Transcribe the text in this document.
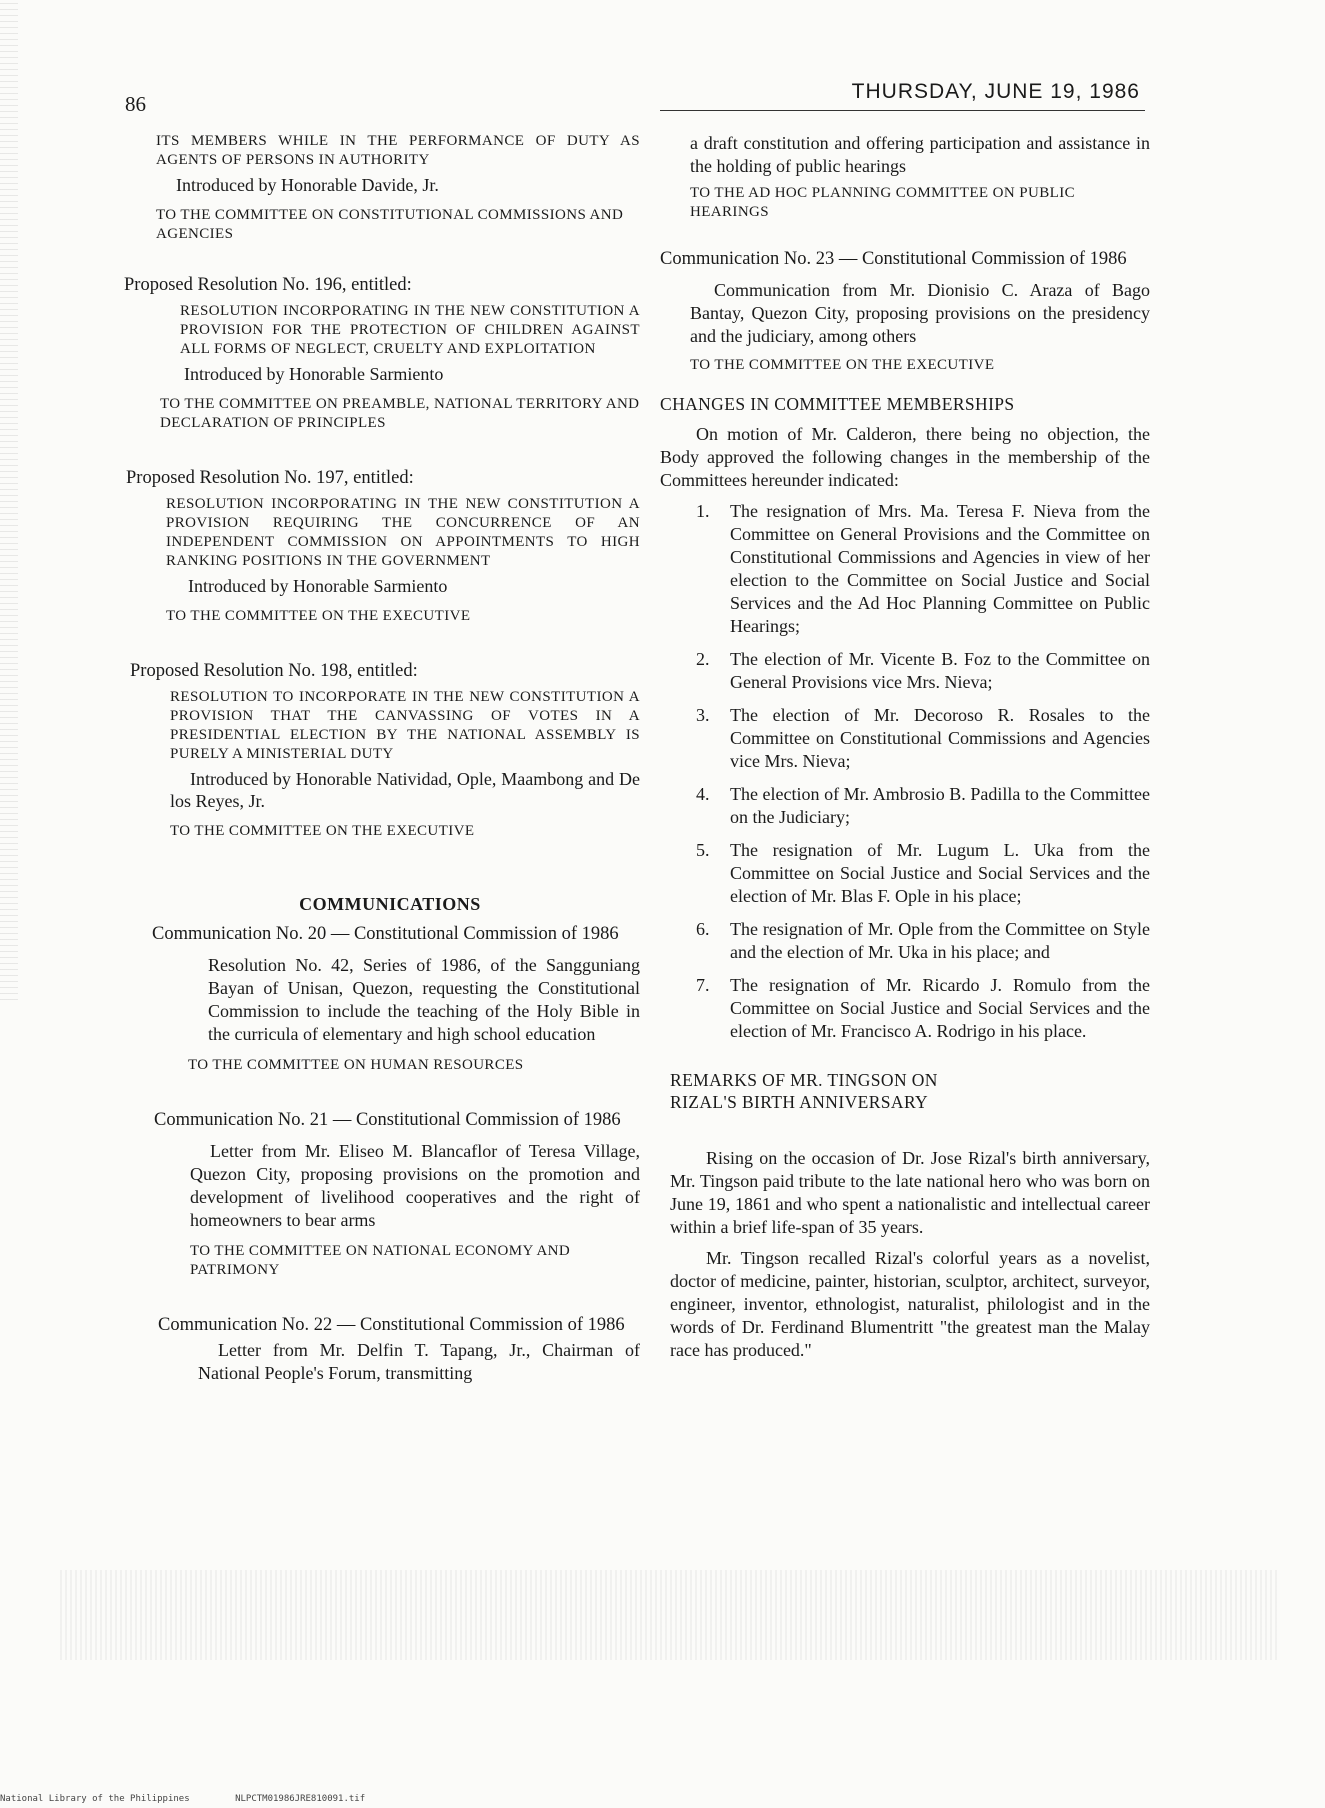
86
THURSDAY, JUNE 19, 1986
ITS MEMBERS WHILE IN THE PERFORMANCE OF DUTY AS AGENTS OF PERSONS IN AUTHORITY
Introduced by Honorable Davide, Jr.
TO THE COMMITTEE ON CONSTITUTIONAL COMMISSIONS AND AGENCIES
Proposed Resolution No. 196, entitled:
RESOLUTION INCORPORATING IN THE NEW CONSTITUTION A PROVISION FOR THE PROTECTION OF CHILDREN AGAINST ALL FORMS OF NEGLECT, CRUELTY AND EXPLOITATION
Introduced by Honorable Sarmiento
TO THE COMMITTEE ON PREAMBLE, NATIONAL TERRITORY AND DECLARATION OF PRINCIPLES
Proposed Resolution No. 197, entitled:
RESOLUTION INCORPORATING IN THE NEW CONSTITUTION A PROVISION REQUIRING THE CONCURRENCE OF AN INDEPENDENT COMMISSION ON APPOINTMENTS TO HIGH RANKING POSITIONS IN THE GOVERNMENT
Introduced by Honorable Sarmiento
TO THE COMMITTEE ON THE EXECUTIVE
Proposed Resolution No. 198, entitled:
RESOLUTION TO INCORPORATE IN THE NEW CONSTITUTION A PROVISION THAT THE CANVASSING OF VOTES IN A PRESIDENTIAL ELECTION BY THE NATIONAL ASSEMBLY IS PURELY A MINISTERIAL DUTY
Introduced by Honorable Natividad, Ople, Maambong and De los Reyes, Jr.
TO THE COMMITTEE ON THE EXECUTIVE
COMMUNICATIONS
Communication No. 20 — Constitutional Commission of 1986
Resolution No. 42, Series of 1986, of the Sangguniang Bayan of Unisan, Quezon, requesting the Constitutional Commission to include the teaching of the Holy Bible in the curricula of elementary and high school education
TO THE COMMITTEE ON HUMAN RESOURCES
Communication No. 21 — Constitutional Commission of 1986
Letter from Mr. Eliseo M. Blancaflor of Teresa Village, Quezon City, proposing provisions on the promotion and development of livelihood cooperatives and the right of homeowners to bear arms
TO THE COMMITTEE ON NATIONAL ECONOMY AND PATRIMONY
Communication No. 22 — Constitutional Commission of 1986
Letter from Mr. Delfin T. Tapang, Jr., Chairman of National People's Forum, transmitting
a draft constitution and offering participation and assistance in the holding of public hearings
TO THE AD HOC PLANNING COMMITTEE ON PUBLIC HEARINGS
Communication No. 23 — Constitutional Commission of 1986
Communication from Mr. Dionisio C. Araza of Bago Bantay, Quezon City, proposing provisions on the presidency and the judiciary, among others
TO THE COMMITTEE ON THE EXECUTIVE
CHANGES IN COMMITTEE MEMBERSHIPS

On motion of Mr. Calderon, there being no objection, the Body approved the following changes in the membership of the Committees hereunder indicated:

1. The resignation of Mrs. Ma. Teresa F. Nieva from the Committee on General Provisions and the Committee on Constitutional Commissions and Agencies in view of her election to the Committee on Social Justice and Social Services and the Ad Hoc Planning Committee on Public Hearings;
2. The election of Mr. Vicente B. Foz to the Committee on General Provisions vice Mrs. Nieva;
3. The election of Mr. Decoroso R. Rosales to the Committee on Constitutional Commissions and Agencies vice Mrs. Nieva;
4. The election of Mr. Ambrosio B. Padilla to the Committee on the Judiciary;
5. The resignation of Mr. Lugum L. Uka from the Committee on Social Justice and Social Services and the election of Mr. Blas F. Ople in his place;
6. The resignation of Mr. Ople from the Committee on Style and the election of Mr. Uka in his place; and
7. The resignation of Mr. Ricardo J. Romulo from the Committee on Social Justice and Social Services and the election of Mr. Francisco A. Rodrigo in his place.
REMARKS OF MR. TINGSON ON RIZAL'S BIRTH ANNIVERSARY

Rising on the occasion of Dr. Jose Rizal's birth anniversary, Mr. Tingson paid tribute to the late national hero who was born on June 19, 1861 and who spent a nationalistic and intellectual career within a brief life-span of 35 years.

Mr. Tingson recalled Rizal's colorful years as a novelist, doctor of medicine, painter, historian, sculptor, architect, surveyor, engineer, inventor, ethnologist, naturalist, philologist and in the words of Dr. Ferdinand Blumentritt "the greatest man the Malay race has produced."

National Library of the Philippines	NLPCTM01986JRE810091.tif
